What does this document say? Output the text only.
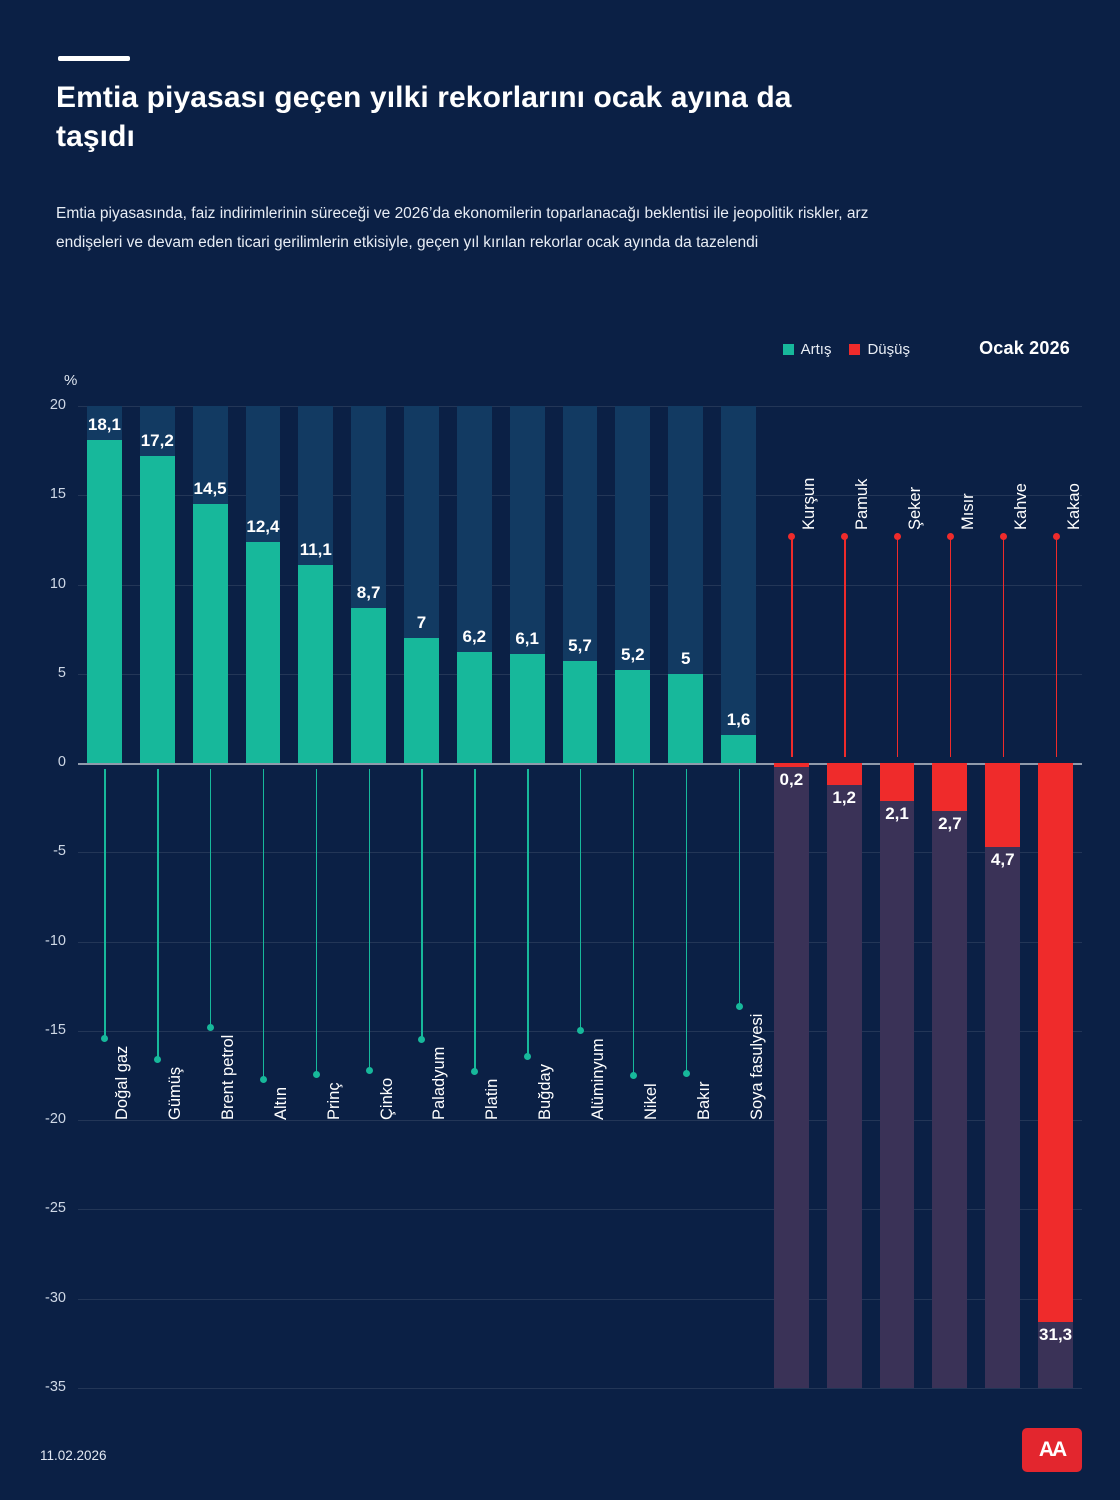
Emtia piyasası geçen yılki rekorlarını ocak ayına da taşıdı
Emtia piyasasında, faiz indirimlerinin süreceği ve 2026’da ekonomilerin toparlanacağı beklentisi ile jeopolitik riskler, arz endişeleri ve devam eden ticari gerilimlerin etkisiyle, geçen yıl kırılan rekorlar ocak ayında da tazelendi
Artış Düşüş	Ocak 2026
%
20
15
10
5
0
-5
-10
-15
-20
-25
-30
-35
18,1
Doğal gaz
17,2
Gümüş
14,5
Brent petrol
12,4
Altın
11,1
Prinç
8,7
Çinko
7
Paladyum
6,2
Platin
6,1
Buğday
5,7
Alüminyum
5,2
Nikel
5
Bakır
1,6
Soya fasulyesi
0,2
Kurşun
1,2
Pamuk
2,1
Şeker
2,7
Mısır
4,7
Kahve
31,3
Kakao
11.02.2026	AA
